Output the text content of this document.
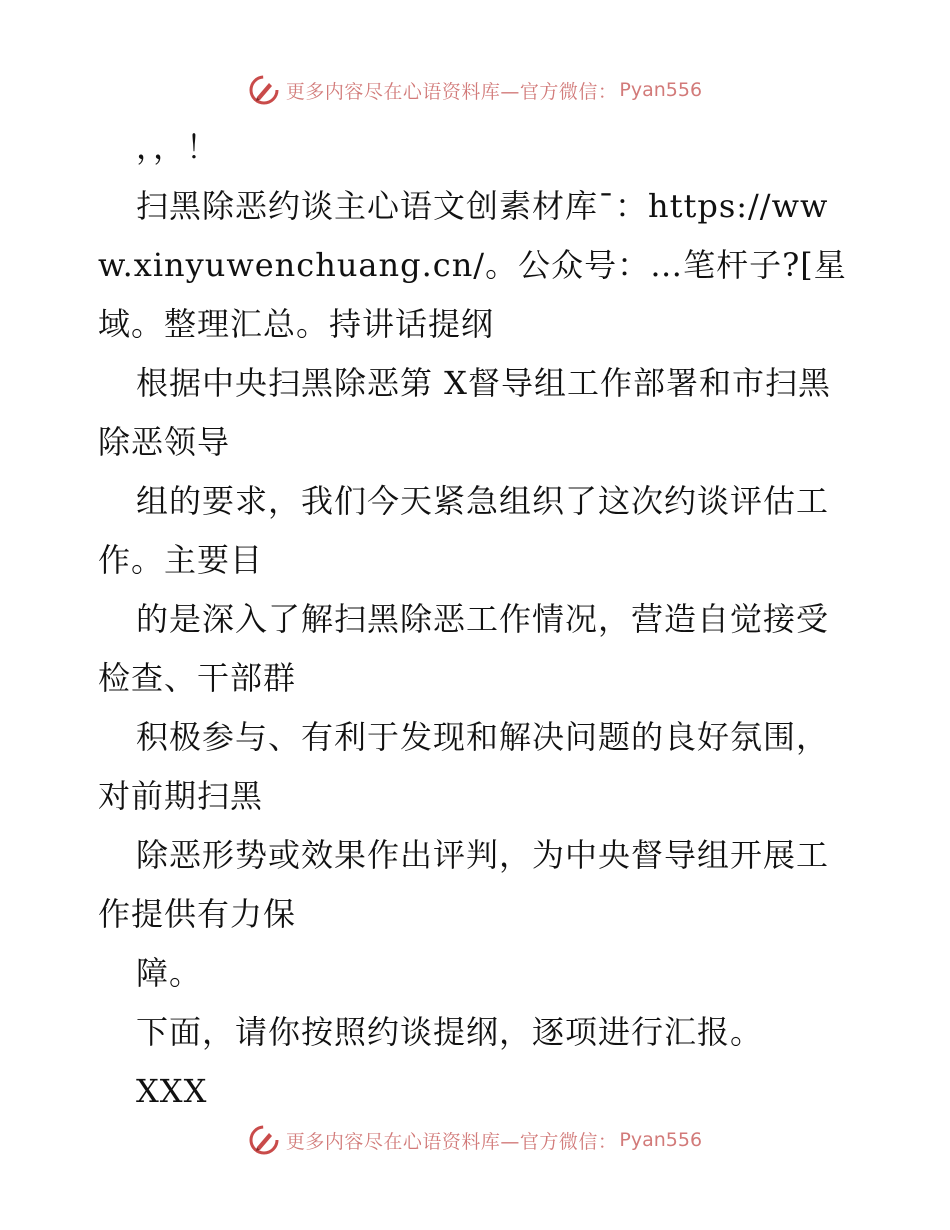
更多内容尽在心语资料库—官方微信： Pyan556

，，！

扫黑除恶约谈主心语文创素材库¯：https://www.xinyuwenchuang.cn/。公众号：…笔杆子?[星域。整理汇总。持讲话提纲

根据中央扫黑除恶第 X督导组工作部署和市扫黑除恶领导

组的要求，我们今天紧急组织了这次约谈评估工作。主要目

的是深入了解扫黑除恶工作情况，营造自觉接受检查、干部群

积极参与、有利于发现和解决问题的良好氛围，对前期扫黑

除恶形势或效果作出评判，为中央督导组开展工作提供有力保

障。

下面，请你按照约谈提纲，逐项进行汇报。

XXX

更多内容尽在心语资料库—官方微信： Pyan556
